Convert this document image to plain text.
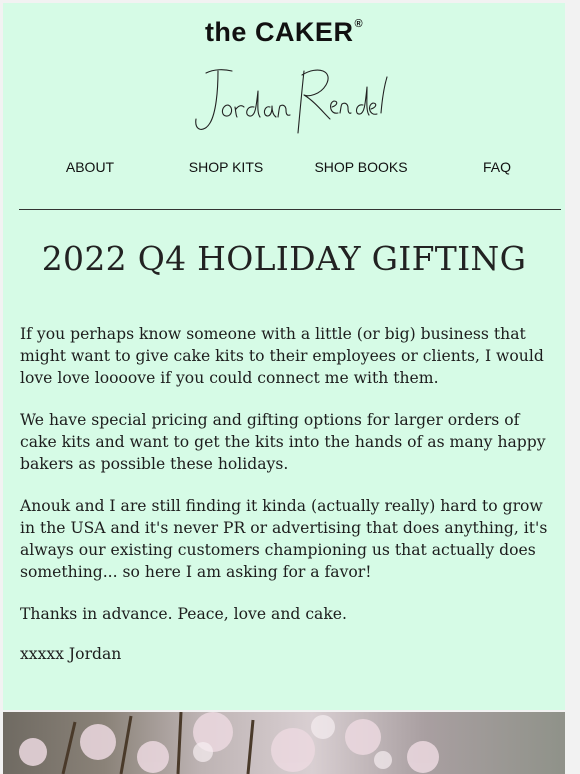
the CAKER®
ABOUT	SHOP KITS	SHOP BOOKS	FAQ
2022 Q4 HOLIDAY GIFTING

If you perhaps know someone with a little (or big) business that might want to give cake kits to their employees or clients, I would love love loooove if you could connect me with them.

We have special pricing and gifting options for larger orders of cake kits and want to get the kits into the hands of as many happy bakers as possible these holidays.

Anouk and I are still finding it kinda (actually really) hard to grow in the USA and it's never PR or advertising that does anything, it's always our existing customers championing us that actually does something... so here I am asking for a favor!

Thanks in advance. Peace, love and cake.

xxxxx Jordan
